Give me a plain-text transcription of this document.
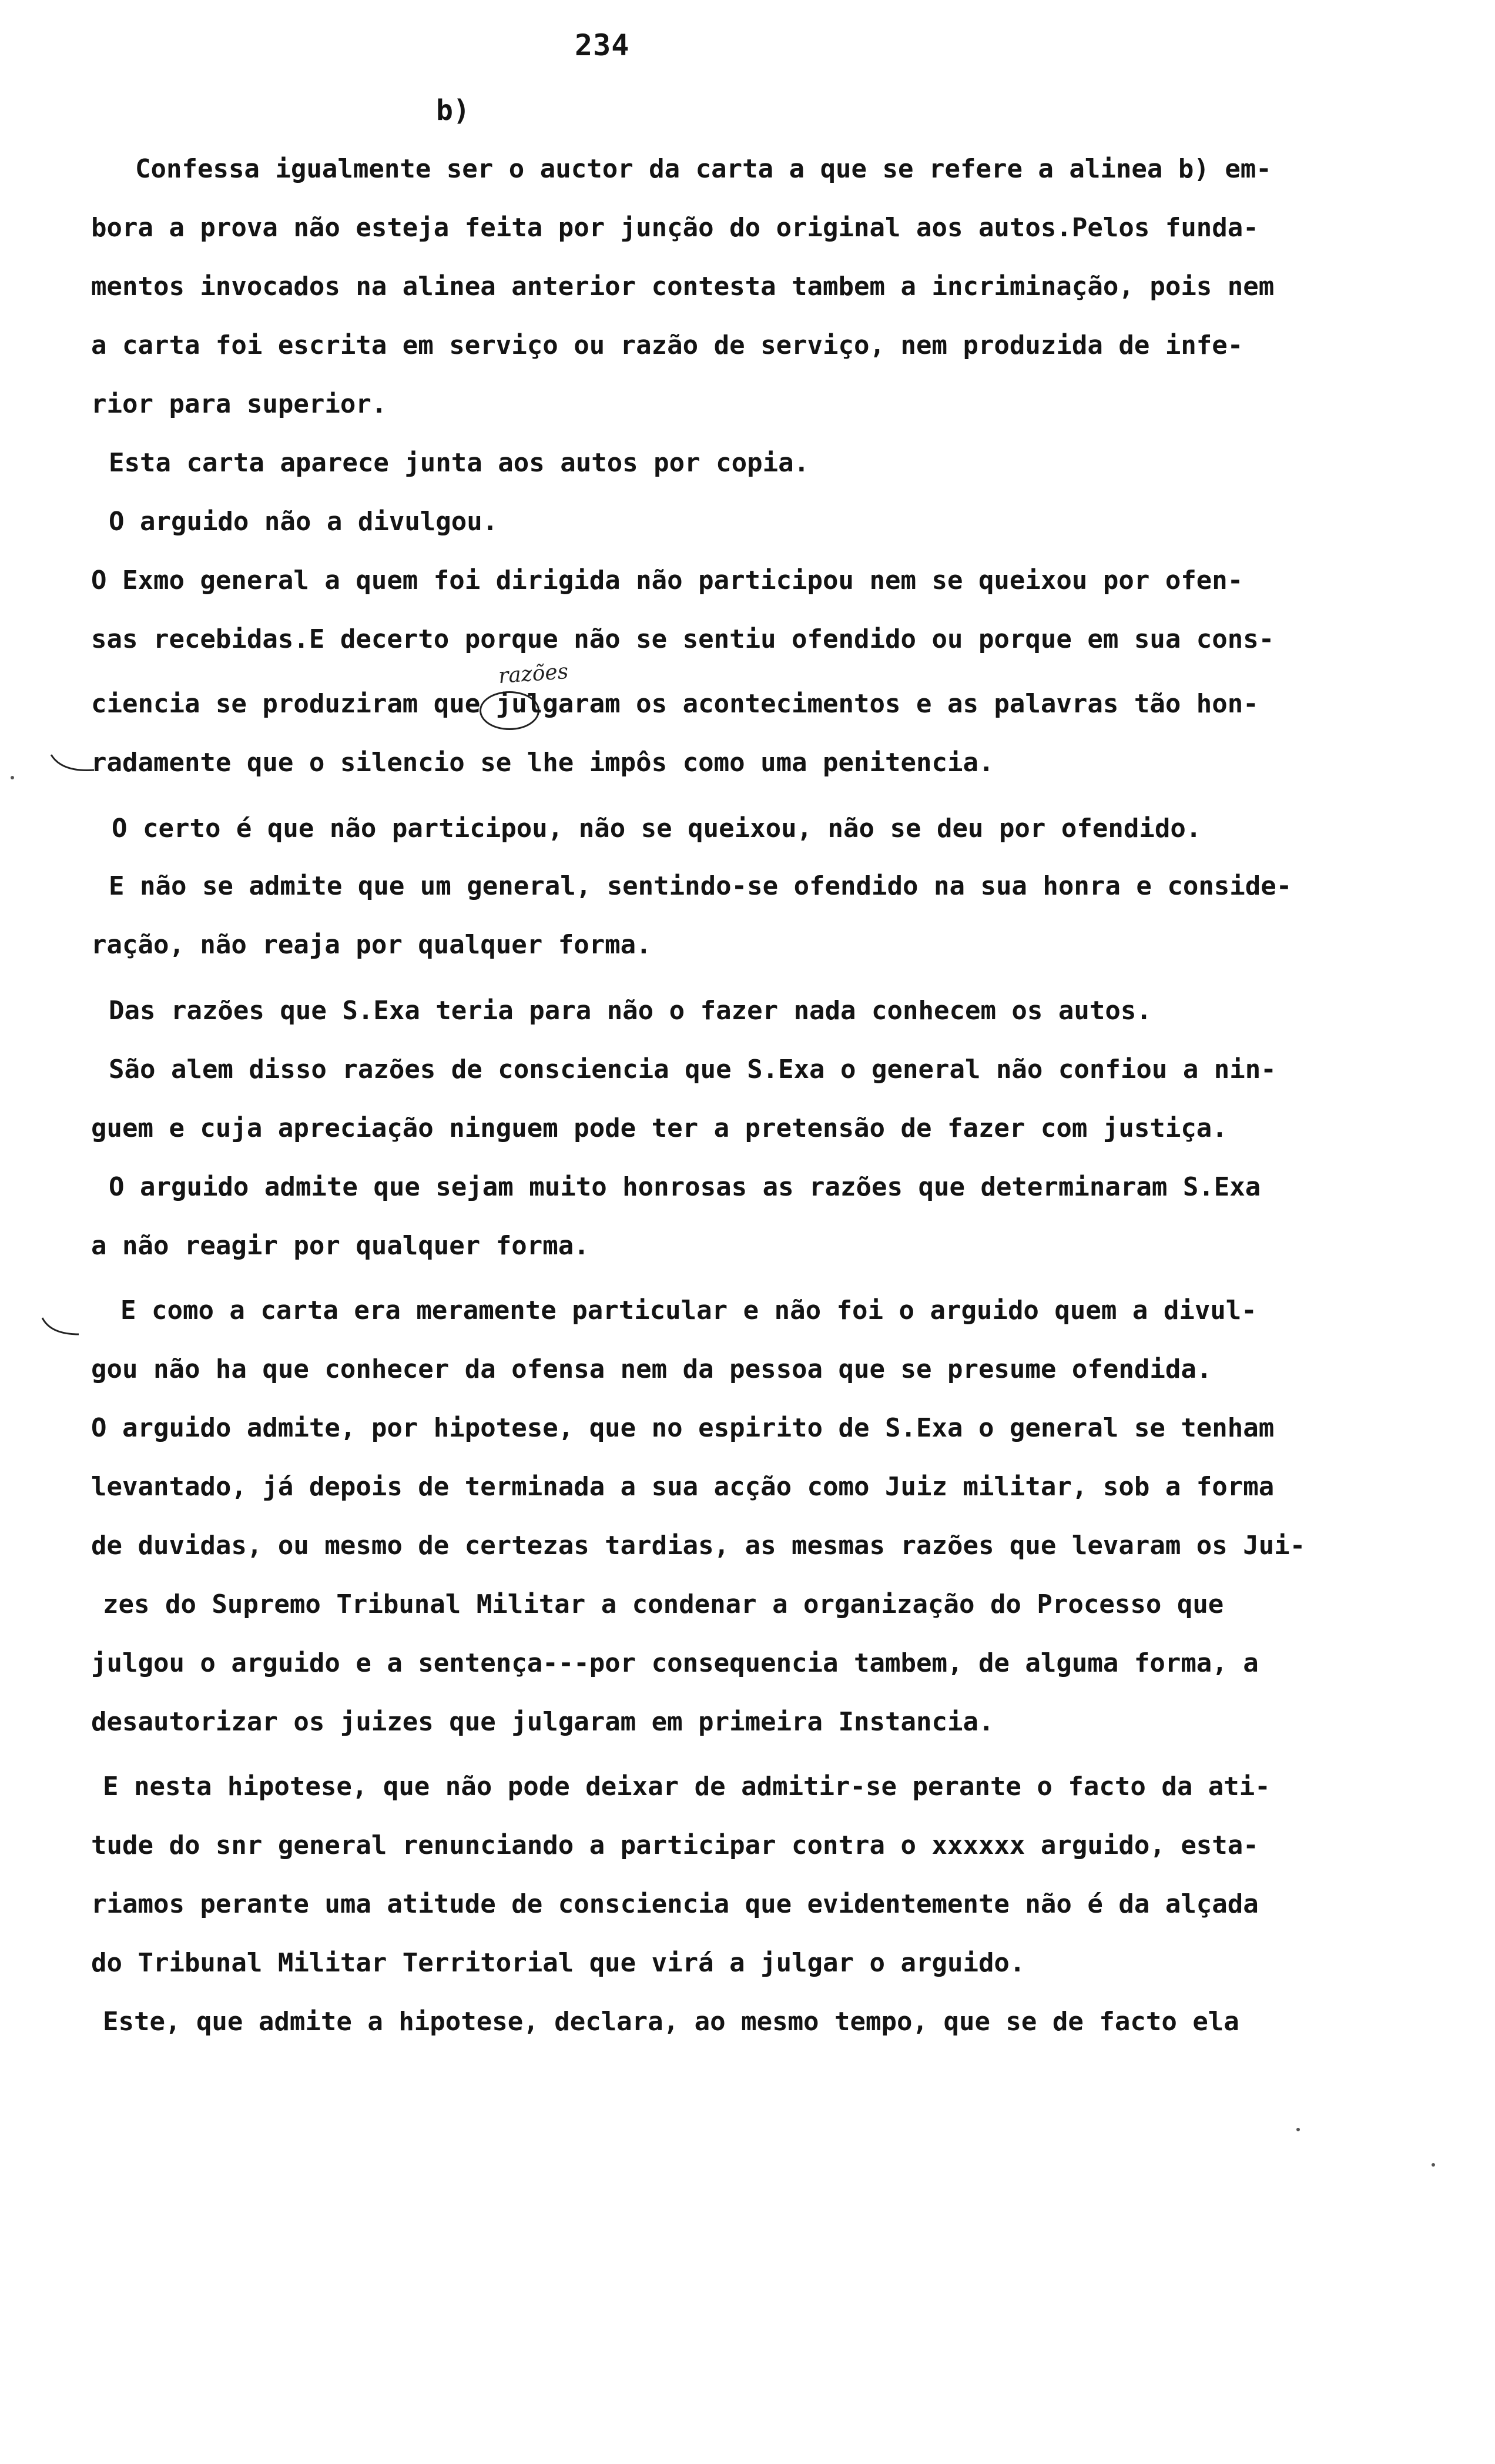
234
b)
razões
Confessa igualmente ser o auctor da carta a que se refere a alinea b) em-
bora a prova não esteja feita por junção do original aos autos.Pelos funda-
mentos invocados na alinea anterior contesta tambem a incriminação, pois nem
a carta foi escrita em serviço ou razão de serviço, nem produzida de infe-
rior para superior.
Esta carta aparece junta aos autos por copia.
O arguido não a divulgou.
O Exmo general a quem foi dirigida não participou nem se queixou por ofen-
sas recebidas.E decerto porque não se sentiu ofendido ou porque em sua cons-
ciencia se produziram que julgaram os acontecimentos e as palavras tão hon-
radamente que o silencio se lhe impôs como uma penitencia.
O certo é que não participou, não se queixou, não se deu por ofendido.
E não se admite que um general, sentindo-se ofendido na sua honra e conside-
ração, não reaja por qualquer forma.
Das razões que S.Exa teria para não o fazer nada conhecem os autos.
São alem disso razões de consciencia que S.Exa o general não confiou a nin-
guem e cuja apreciação ninguem pode ter a pretensão de fazer com justiça.
O arguido admite que sejam muito honrosas as razões que determinaram S.Exa
a não reagir por qualquer forma.
E como a carta era meramente particular e não foi o arguido quem a divul-
gou não ha que conhecer da ofensa nem da pessoa que se presume ofendida.
O arguido admite, por hipotese, que no espirito de S.Exa o general se tenham
levantado, já depois de terminada a sua acção como Juiz militar, sob a forma
de duvidas, ou mesmo de certezas tardias, as mesmas razões que levaram os Jui-
zes do Supremo Tribunal Militar a condenar a organização do Processo que
julgou o arguido e a sentença---por consequencia tambem, de alguma forma, a
desautorizar os juizes que julgaram em primeira Instancia.
E nesta hipotese, que não pode deixar de admitir-se perante o facto da ati-
tude do snr general renunciando a participar contra o xxxxxx arguido, esta-
riamos perante uma atitude de consciencia que evidentemente não é da alçada
do Tribunal Militar Territorial que virá a julgar o arguido.
Este, que admite a hipotese, declara, ao mesmo tempo, que se de facto ela
